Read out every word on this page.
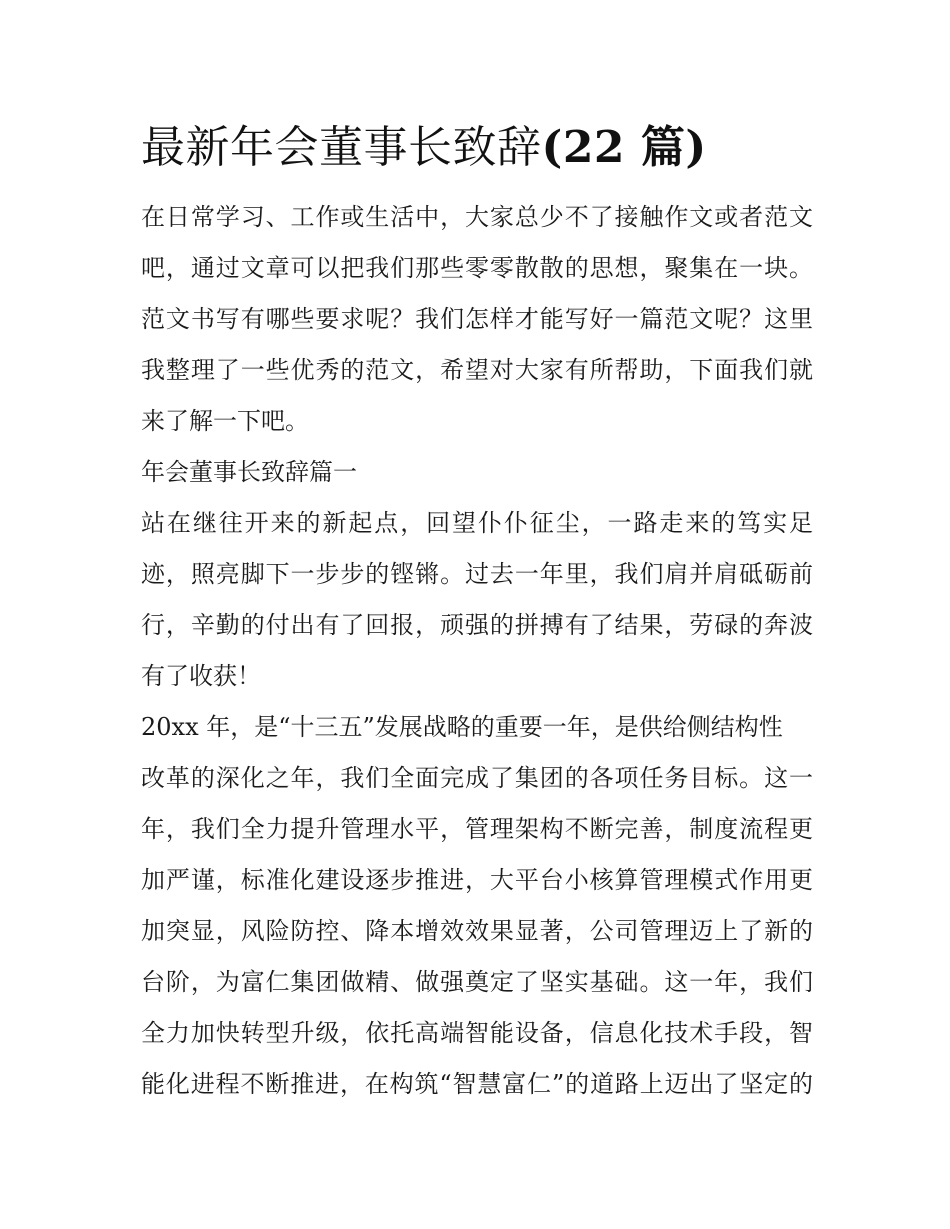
最新年会董事长致辞(22 篇)
在日常学习、工作或生活中，大家总少不了接触作文或者范文
吧，通过文章可以把我们那些零零散散的思想，聚集在一块。
范文书写有哪些要求呢？我们怎样才能写好一篇范文呢？这里
我整理了一些优秀的范文，希望对大家有所帮助，下面我们就
来了解一下吧。
年会董事长致辞篇一
站在继往开来的新起点，回望仆仆征尘，一路走来的笃实足
迹，照亮脚下一步步的铿锵。过去一年里，我们肩并肩砥砺前
行，辛勤的付出有了回报，顽强的拼搏有了结果，劳碌的奔波
有了收获！
20xx 年，是“十三五”发展战略的重要一年，是供给侧结构性
改革的深化之年，我们全面完成了集团的各项任务目标。这一
年，我们全力提升管理水平，管理架构不断完善，制度流程更
加严谨，标准化建设逐步推进，大平台小核算管理模式作用更
加突显，风险防控、降本增效效果显著，公司管理迈上了新的
台阶，为富仁集团做精、做强奠定了坚实基础。这一年，我们
全力加快转型升级，依托高端智能设备，信息化技术手段，智
能化进程不断推进，在构筑“智慧富仁”的道路上迈出了坚定的
